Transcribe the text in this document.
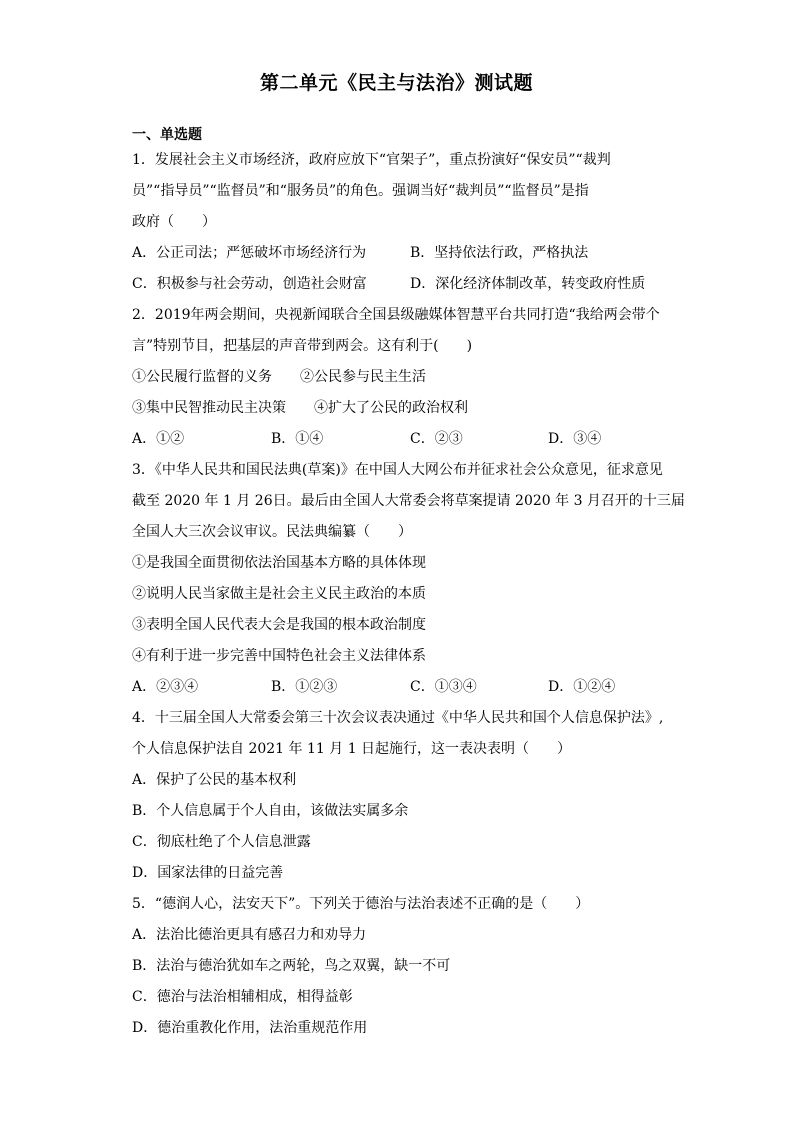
第二单元《民主与法治》测试题
一、单选题
1．发展社会主义市场经济，政府应放下“官架子”，重点扮演好“保安员”“裁判
员”“指导员”“监督员”和“服务员”的角色。强调当好“裁判员”“监督员”是指
政府（　　）
A．公正司法；严惩破坏市场经济行为	B．坚持依法行政，严格执法
C．积极参与社会劳动，创造社会财富	D．深化经济体制改革，转变政府性质
2．2019年两会期间，央视新闻联合全国县级融媒体智慧平台共同打造“我给两会带个
言”特别节目，把基层的声音带到两会。这有利于(　　)
①公民履行监督的义务 ②公民参与民主生活
③集中民智推动民主决策 ④扩大了公民的政治权利
A．①②	B．①④	C．②③	D．③④
3．《中华人民共和国民法典(草案)》在中国人大网公布并征求社会公众意见，征求意见
截至 2020 年 1 月 26日。最后由全国人大常委会将草案提请 2020 年 3 月召开的十三届
全国人大三次会议审议。民法典编纂（　　）
①是我国全面贯彻依法治国基本方略的具体体现
②说明人民当家做主是社会主义民主政治的本质
③表明全国人民代表大会是我国的根本政治制度
④有利于进一步完善中国特色社会主义法律体系
A．②③④	B．①②③	C．①③④	D．①②④
4．十三届全国人大常委会第三十次会议表决通过《中华人民共和国个人信息保护法》,
个人信息保护法自 2021 年 11 月 1 日起施行，这一表决表明（　　）
A．保护了公民的基本权利
B．个人信息属于个人自由，该做法实属多余
C．彻底杜绝了个人信息泄露
D．国家法律的日益完善
5．“德润人心，法安天下”。下列关于德治与法治表述不正确的是（　　）
A．法治比德治更具有感召力和劝导力
B．法治与德治犹如车之两轮，鸟之双翼，缺一不可
C．德治与法治相辅相成，相得益彰
D．德治重教化作用，法治重规范作用
